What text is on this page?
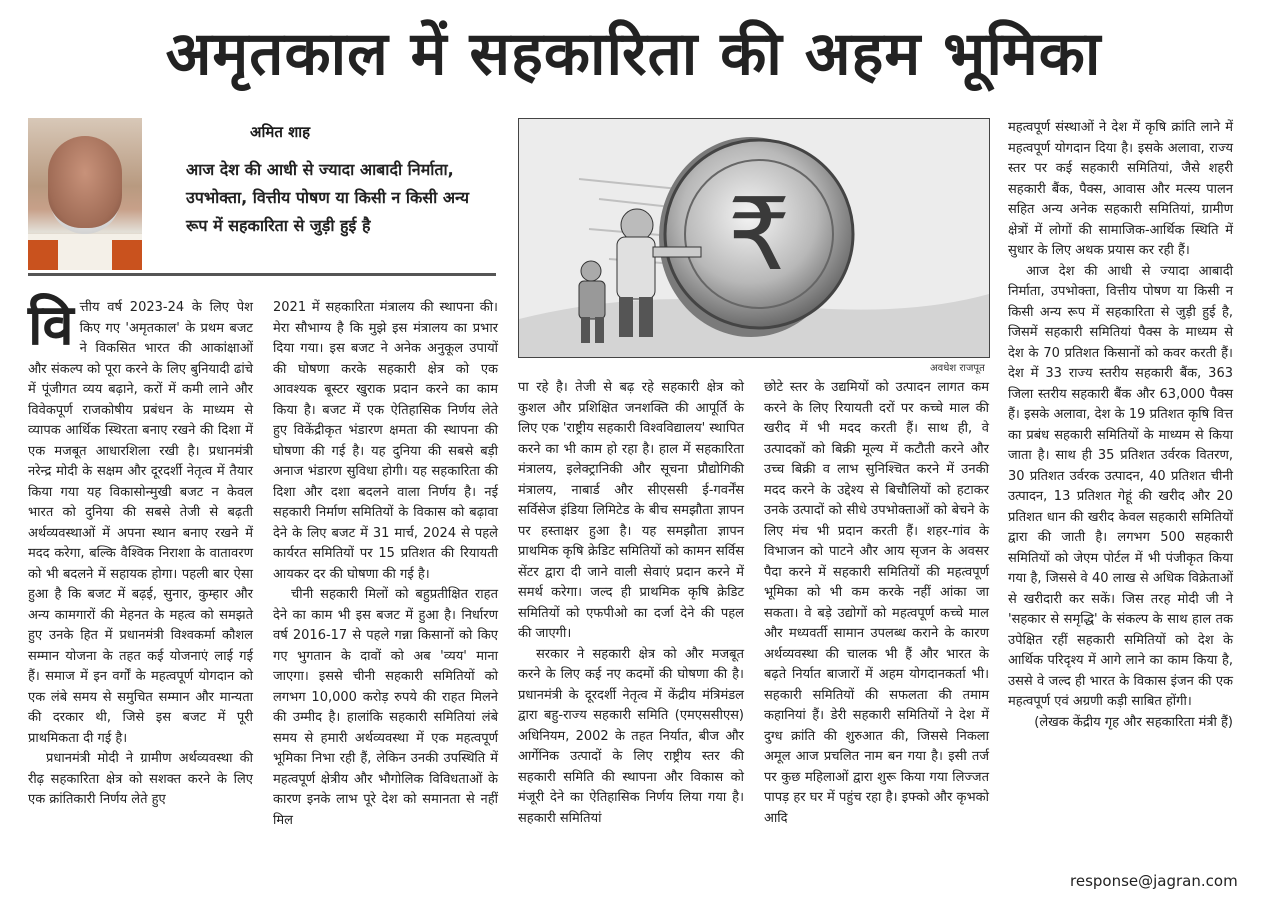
अमृतकाल में सहकारिता की अहम भूमिका
अमित शाह
आज देश की आधी से ज्यादा आबादी निर्माता, उपभोक्ता, वित्तीय पोषण या किसी न किसी अन्य रूप में सहकारिता से जुड़ी हुई है
वि त्तीय वर्ष 2023-24 के लिए पेश किए गए 'अमृतकाल' के प्रथम बजट ने विकसित भारत की आकांक्षाओं और संकल्प को पूरा करने के लिए बुनियादी ढांचे में पूंजीगत व्यय बढ़ाने, करों में कमी लाने और विवेकपूर्ण राजकोषीय प्रबंधन के माध्यम से व्यापक आर्थिक स्थिरता बनाए रखने की दिशा में एक मजबूत आधारशिला रखी है। प्रधानमंत्री नरेन्द्र मोदी के सक्षम और दूरदर्शी नेतृत्व में तैयार किया गया यह विकासोन्मुखी बजट न केवल भारत को दुनिया की सबसे तेजी से बढ़ती अर्थव्यवस्थाओं में अपना स्थान बनाए रखने में मदद करेगा, बल्कि वैश्विक निराशा के वातावरण को भी बदलने में सहायक होगा। पहली बार ऐसा हुआ है कि बजट में बढ़ई, सुनार, कुम्हार और अन्य कामगारों की मेहनत के महत्व को समझते हुए उनके हित में प्रधानमंत्री विश्वकर्मा कौशल सम्मान योजना के तहत कई योजनाएं लाई गई हैं। समाज में इन वर्गों के महत्वपूर्ण योगदान को एक लंबे समय से समुचित सम्मान और मान्यता की दरकार थी, जिसे इस बजट में पूरी प्राथमिकता दी गई है।

प्रधानमंत्री मोदी ने ग्रामीण अर्थव्यवस्था की रीढ़ सहकारिता क्षेत्र को सशक्त करने के लिए एक क्रांतिकारी निर्णय लेते हुए

2021 में सहकारिता मंत्रालय की स्थापना की। मेरा सौभाग्य है कि मुझे इस मंत्रालय का प्रभार दिया गया। इस बजट ने अनेक अनुकूल उपायों की घोषणा करके सहकारी क्षेत्र को एक आवश्यक बूस्टर खुराक प्रदान करने का काम किया है। बजट में एक ऐतिहासिक निर्णय लेते हुए विकेंद्रीकृत भंडारण क्षमता की स्थापना की घोषणा की गई है। यह दुनिया की सबसे बड़ी अनाज भंडारण सुविधा होगी। यह सहकारिता की दिशा और दशा बदलने वाला निर्णय है। नई सहकारी निर्माण समितियों के विकास को बढ़ावा देने के लिए बजट में 31 मार्च, 2024 से पहले कार्यरत समितियों पर 15 प्रतिशत की रियायती आयकर दर की घोषणा की गई है।

चीनी सहकारी मिलों को बहुप्रतीक्षित राहत देने का काम भी इस बजट में हुआ है। निर्धारण वर्ष 2016-17 से पहले गन्ना किसानों को किए गए भुगतान के दावों को अब 'व्यय' माना जाएगा। इससे चीनी सहकारी समितियों को लगभग 10,000 करोड़ रुपये की राहत मिलने की उम्मीद है। हालांकि सहकारी समितियां लंबे समय से हमारी अर्थव्यवस्था में एक महत्वपूर्ण भूमिका निभा रही हैं, लेकिन उनकी उपस्थिति में महत्वपूर्ण क्षेत्रीय और भौगोलिक विविधताओं के कारण इनके लाभ पूरे देश को समानता से नहीं मिल

₹
अवधेश राजपूत

पा रहे है। तेजी से बढ़ रहे सहकारी क्षेत्र को कुशल और प्रशिक्षित जनशक्ति की आपूर्ति के लिए एक 'राष्ट्रीय सहकारी विश्वविद्यालय' स्थापित करने का भी काम हो रहा है। हाल में सहकारिता मंत्रालय, इलेक्ट्रानिकी और सूचना प्रौद्योगिकी मंत्रालय, नाबार्ड और सीएससी ई-गवर्नेंस सर्विसेज इंडिया लिमिटेड के बीच समझौता ज्ञापन पर हस्ताक्षर हुआ है। यह समझौता ज्ञापन प्राथमिक कृषि क्रेडिट समितियों को कामन सर्विस सेंटर द्वारा दी जाने वाली सेवाएं प्रदान करने में समर्थ करेगा। जल्द ही प्राथमिक कृषि क्रेडिट समितियों को एफपीओ का दर्जा देने की पहल की जाएगी।

सरकार ने सहकारी क्षेत्र को और मजबूत करने के लिए कई नए कदमों की घोषणा की है। प्रधानमंत्री के दूरदर्शी नेतृत्व में केंद्रीय मंत्रिमंडल द्वारा बहु-राज्य सहकारी समिति (एमएससीएस) अधिनियम, 2002 के तहत निर्यात, बीज और आर्गेनिक उत्पादों के लिए राष्ट्रीय स्तर की सहकारी समिति की स्थापना और विकास को मंजूरी देने का ऐतिहासिक निर्णय लिया गया है। सहकारी समितियां

छोटे स्तर के उद्यमियों को उत्पादन लागत कम करने के लिए रियायती दरों पर कच्चे माल की खरीद में भी मदद करती हैं। साथ ही, वे उत्पादकों को बिक्री मूल्य में कटौती करने और उच्च बिक्री व लाभ सुनिश्चित करने में उनकी मदद करने के उद्देश्य से बिचौलियों को हटाकर उनके उत्पादों को सीधे उपभोक्ताओं को बेचने के लिए मंच भी प्रदान करती हैं। शहर-गांव के विभाजन को पाटने और आय सृजन के अवसर पैदा करने में सहकारी समितियों की महत्वपूर्ण भूमिका को भी कम करके नहीं आंका जा सकता। वे बड़े उद्योगों को महत्वपूर्ण कच्चे माल और मध्यवर्ती सामान उपलब्ध कराने के कारण अर्थव्यवस्था की चालक भी हैं और भारत के बढ़ते निर्यात बाजारों में अहम योगदानकर्ता भी। सहकारी समितियों की सफलता की तमाम कहानियां हैं। डेरी सहकारी समितियों ने देश में दुग्ध क्रांति की शुरुआत की, जिससे निकला अमूल आज प्रचलित नाम बन गया है। इसी तर्ज पर कुछ महिलाओं द्वारा शुरू किया गया लिज्जत पापड़ हर घर में पहुंच रहा है। इफ्को और कृभको आदि

महत्वपूर्ण संस्थाओं ने देश में कृषि क्रांति लाने में महत्वपूर्ण योगदान दिया है। इसके अलावा, राज्य स्तर पर कई सहकारी समितियां, जैसे शहरी सहकारी बैंक, पैक्स, आवास और मत्स्य पालन सहित अन्य अनेक सहकारी समितियां, ग्रामीण क्षेत्रों में लोगों की सामाजिक-आर्थिक स्थिति में सुधार के लिए अथक प्रयास कर रही हैं।

आज देश की आधी से ज्यादा आबादी निर्माता, उपभोक्ता, वित्तीय पोषण या किसी न किसी अन्य रूप में सहकारिता से जुड़ी हुई है, जिसमें सहकारी समितियां पैक्स के माध्यम से देश के 70 प्रतिशत किसानों को कवर करती हैं। देश में 33 राज्य स्तरीय सहकारी बैंक, 363 जिला स्तरीय सहकारी बैंक और 63,000 पैक्स हैं। इसके अलावा, देश के 19 प्रतिशत कृषि वित्त का प्रबंध सहकारी समितियों के माध्यम से किया जाता है। साथ ही 35 प्रतिशत उर्वरक वितरण, 30 प्रतिशत उर्वरक उत्पादन, 40 प्रतिशत चीनी उत्पादन, 13 प्रतिशत गेहूं की खरीद और 20 प्रतिशत धान की खरीद केवल सहकारी समितियों द्वारा की जाती है। लगभग 500 सहकारी समितियों को जेएम पोर्टल में भी पंजीकृत किया गया है, जिससे वे 40 लाख से अधिक विक्रेताओं से खरीदारी कर सकें। जिस तरह मोदी जी ने 'सहकार से समृद्धि' के संकल्प के साथ हाल तक उपेक्षित रहीं सहकारी समितियों को देश के आर्थिक परिदृश्य में आगे लाने का काम किया है, उससे वे जल्द ही भारत के विकास इंजन की एक महत्वपूर्ण एवं अग्रणी कड़ी साबित होंगी।

(लेखक केंद्रीय गृह और सहकारिता मंत्री हैं)
response@jagran.com
